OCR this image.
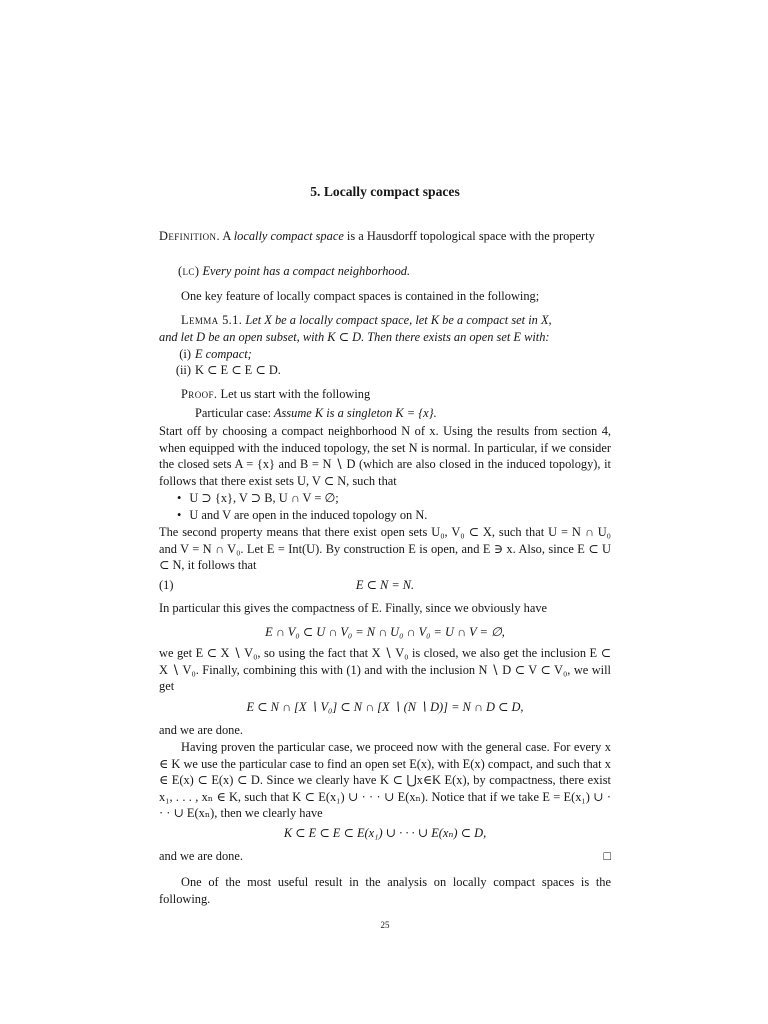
5. Locally compact spaces
Definition. A locally compact space is a Hausdorff topological space with the property
(lc) Every point has a compact neighborhood.
One key feature of locally compact spaces is contained in the following;
Lemma 5.1. Let X be a locally compact space, let K be a compact set in X,
and let D be an open subset, with K ⊂ D. Then there exists an open set E with:
(i) E compact;
(ii) K ⊂ E ⊂ E ⊂ D.
Proof. Let us start with the following
Particular case: Assume K is a singleton K = {x}.
Start off by choosing a compact neighborhood N of x. Using the results from section 4, when equipped with the induced topology, the set N is normal. In particular, if we consider the closed sets A = {x} and B = N ∖ D (which are also closed in the induced topology), it follows that there exist sets U, V ⊂ N, such that
• U ⊃ {x}, V ⊃ B, U ∩ V = ∅;
• U and V are open in the induced topology on N.
The second property means that there exist open sets U₀, V₀ ⊂ X, such that U = N ∩ U₀ and V = N ∩ V₀. Let E = Int(U). By construction E is open, and E ∋ x. Also, since E ⊂ U ⊂ N, it follows that
(1)	E ⊂ N = N.
In particular this gives the compactness of E. Finally, since we obviously have
E ∩ V₀ ⊂ U ∩ V₀ = N ∩ U₀ ∩ V₀ = U ∩ V = ∅,
we get E ⊂ X ∖ V₀, so using the fact that X ∖ V₀ is closed, we also get the inclusion E ⊂ X ∖ V₀. Finally, combining this with (1) and with the inclusion N ∖ D ⊂ V ⊂ V₀, we will get
E ⊂ N ∩ [X ∖ V₀] ⊂ N ∩ [X ∖ (N ∖ D)] = N ∩ D ⊂ D,
and we are done.
Having proven the particular case, we proceed now with the general case. For every x ∈ K we use the particular case to find an open set E(x), with E(x) compact, and such that x ∈ E(x) ⊂ E(x) ⊂ D. Since we clearly have K ⊂ ⋃x∈K E(x), by compactness, there exist x₁, . . . , xₙ ∈ K, such that K ⊂ E(x₁) ∪ · · · ∪ E(xₙ). Notice that if we take E = E(x₁) ∪ · · · ∪ E(xₙ), then we clearly have
K ⊂ E ⊂ E ⊂ E(x₁) ∪ · · · ∪ E(xₙ) ⊂ D,
and we are done.	□
One of the most useful result in the analysis on locally compact spaces is the following.
25
